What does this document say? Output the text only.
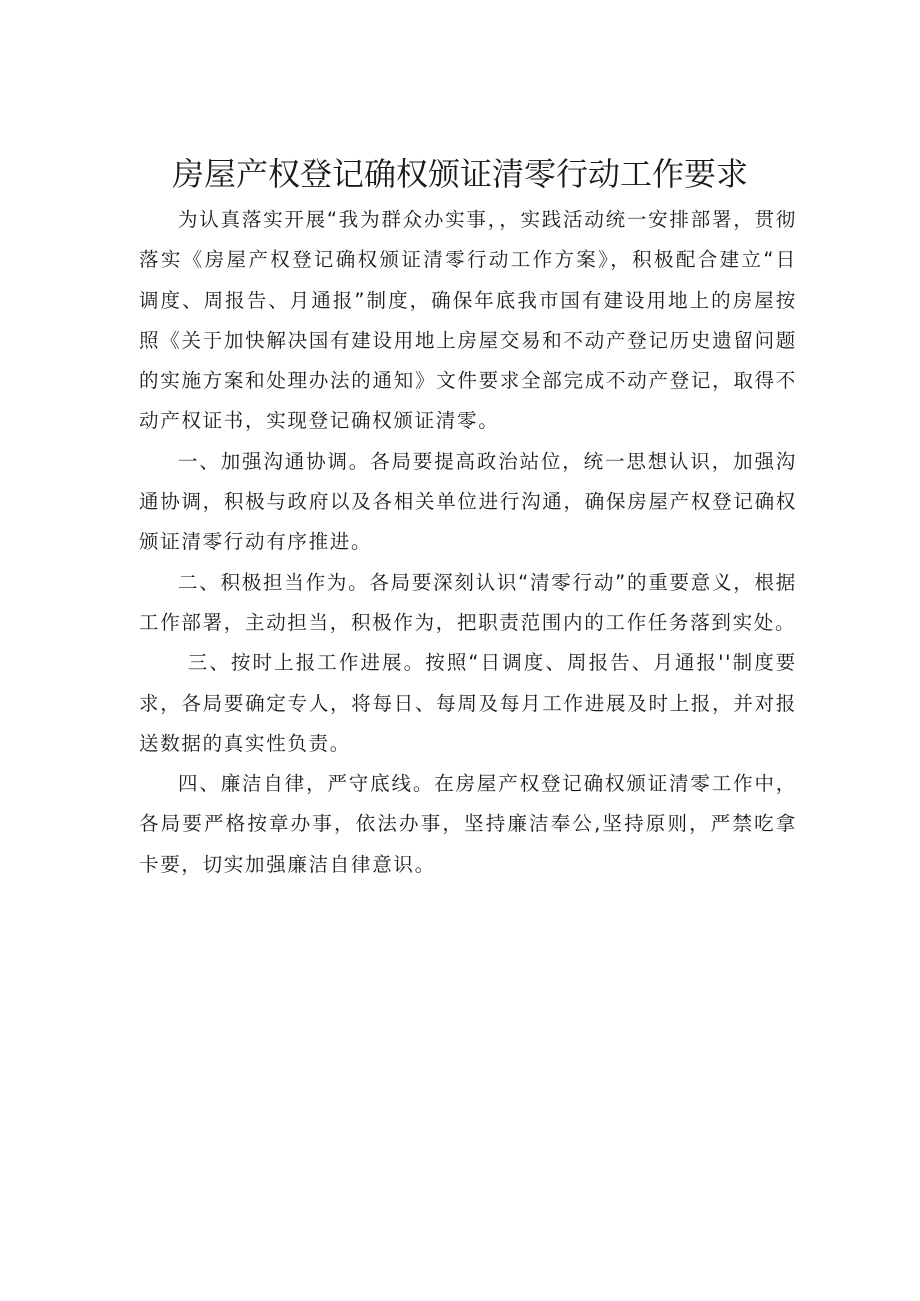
房屋产权登记确权颁证清零行动工作要求

为认真落实开展“我为群众办实事，，实践活动统一安排部署，贯彻落实《房屋产权登记确权颁证清零行动工作方案》，积极配合建立“日调度、周报告、月通报”制度，确保年底我市国有建设用地上的房屋按照《关于加快解决国有建设用地上房屋交易和不动产登记历史遗留问题的实施方案和处理办法的通知》文件要求全部完成不动产登记，取得不动产权证书，实现登记确权颁证清零。

一、加强沟通协调。各局要提高政治站位，统一思想认识，加强沟通协调，积极与政府以及各相关单位进行沟通，确保房屋产权登记确权颁证清零行动有序推进。

二、积极担当作为。各局要深刻认识“清零行动”的重要意义，根据工作部署，主动担当，积极作为，把职责范围内的工作任务落到实处。

三、按时上报工作进展。按照“日调度、周报告、月通报''制度要求，各局要确定专人，将每日、每周及每月工作进展及时上报，并对报送数据的真实性负责。

四、廉洁自律，严守底线。在房屋产权登记确权颁证清零工作中，各局要严格按章办事，依法办事，坚持廉洁奉公,坚持原则，严禁吃拿卡要，切实加强廉洁自律意识。
